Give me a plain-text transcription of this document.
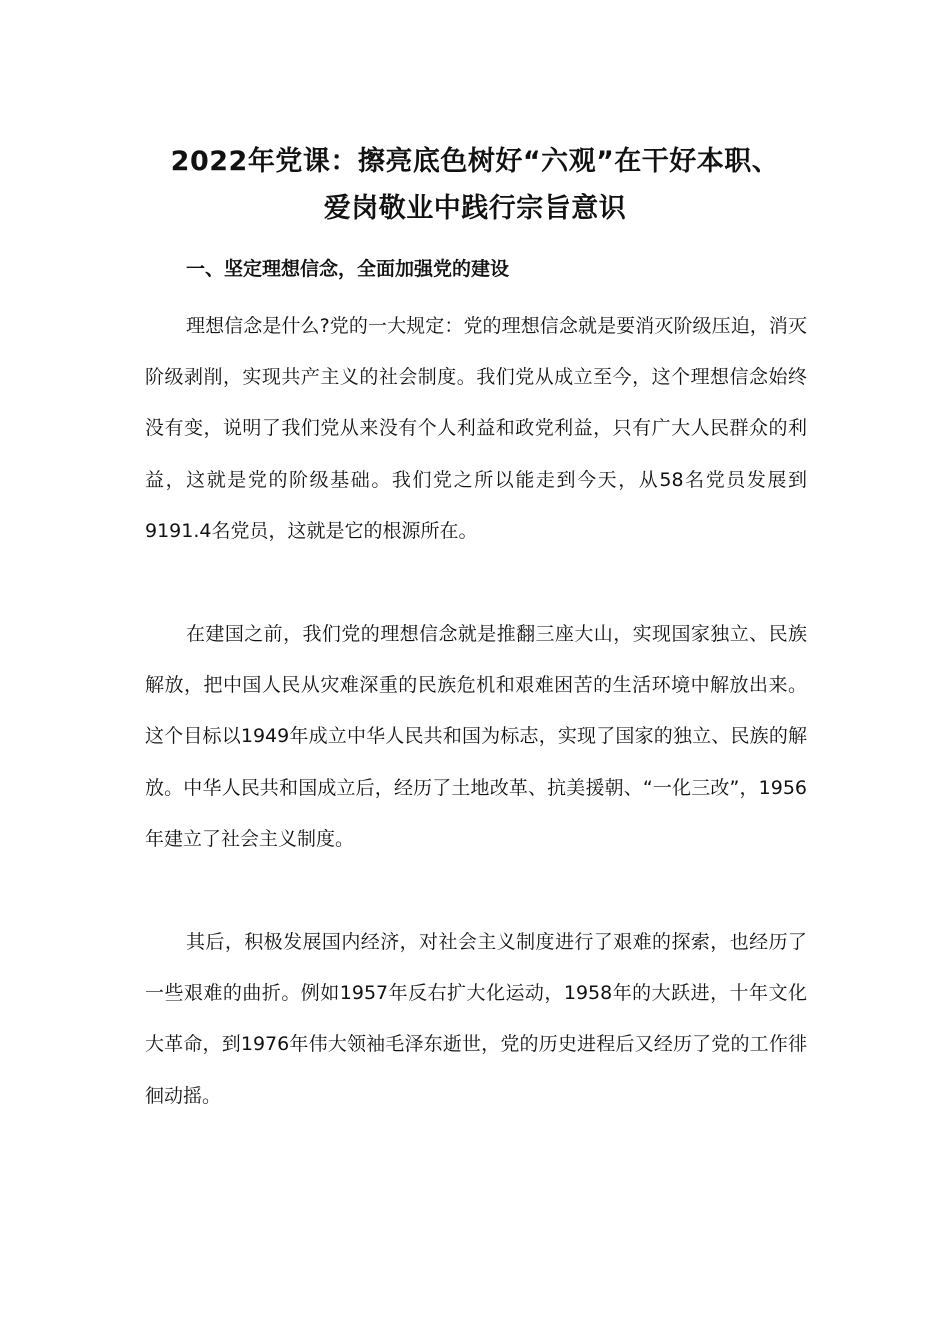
2022年党课：擦亮底色树好“六观”在干好本职、
爱岗敬业中践行宗旨意识
一、坚定理想信念，全面加强党的建设

理想信念是什么?党的一大规定：党的理想信念就是要消灭阶级压迫，消灭阶级剥削，实现共产主义的社会制度。我们党从成立至今，这个理想信念始终没有变，说明了我们党从来没有个人利益和政党利益，只有广大人民群众的利益，这就是党的阶级基础。我们党之所以能走到今天，从58名党员发展到9191.4名党员，这就是它的根源所在。

在建国之前，我们党的理想信念就是推翻三座大山，实现国家独立、民族解放，把中国人民从灾难深重的民族危机和艰难困苦的生活环境中解放出来。这个目标以1949年成立中华人民共和国为标志，实现了国家的独立、民族的解放。中华人民共和国成立后，经历了土地改革、抗美援朝、“一化三改”，1956年建立了社会主义制度。

其后，积极发展国内经济，对社会主义制度进行了艰难的探索，也经历了一些艰难的曲折。例如1957年反右扩大化运动，1958年的大跃进，十年文化大革命，到1976年伟大领袖毛泽东逝世，党的历史进程后又经历了党的工作徘徊动摇。
